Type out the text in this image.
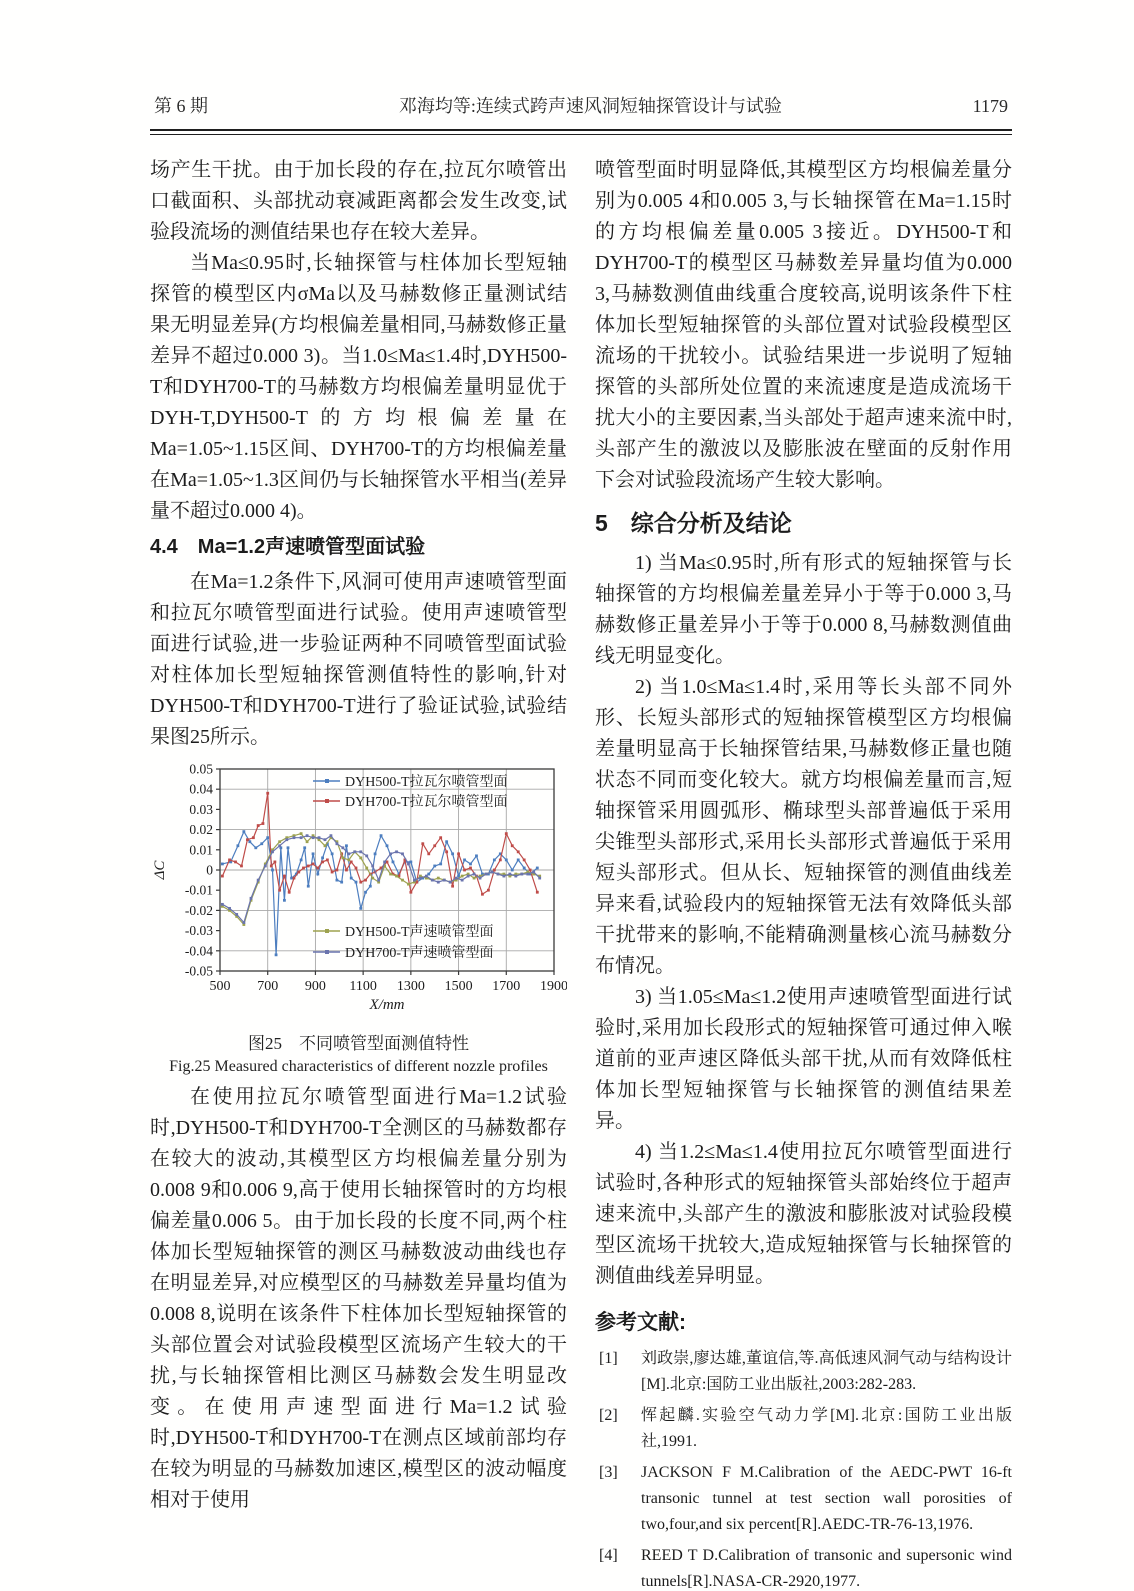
第 6 期	邓海均等:连续式跨声速风洞短轴探管设计与试验	1179

场产生干扰。由于加长段的存在,拉瓦尔喷管出口截面积、头部扰动衰减距离都会发生改变,试验段流场的测值结果也存在较大差异。

当Ma≤0.95时,长轴探管与柱体加长型短轴探管的模型区内σMa以及马赫数修正量测试结果无明显差异(方均根偏差量相同,马赫数修正量差异不超过0.000 3)。当1.0≤Ma≤1.4时,DYH500-T和DYH700-T的马赫数方均根偏差量明显优于DYH-T,DYH500-T的方均根偏差量在Ma=1.05~1.15区间、DYH700-T的方均根偏差量在Ma=1.05~1.3区间仍与长轴探管水平相当(差异量不超过0.000 4)。

4.4　Ma=1.2声速喷管型面试验

在Ma=1.2条件下,风洞可使用声速喷管型面和拉瓦尔喷管型面进行试验。使用声速喷管型面进行试验,进一步验证两种不同喷管型面试验对柱体加长型短轴探管测值特性的影响,针对DYH500-T和DYH700-T进行了验证试验,试验结果图25所示。

0.05
0.04
0.03
0.02
0.01
0
-0.01
-0.02
-0.03
-0.04
-0.05
500 700 900 1100 1300 1500 1700 1900
DYH500-T拉瓦尔喷管型面
DYH700-T拉瓦尔喷管型面
DYH500-T声速喷管型面
DYH700-T声速喷管型面
ΔC
X/mm
图25　不同喷管型面测值特性
Fig.25 Measured characteristics of different nozzle profiles

在使用拉瓦尔喷管型面进行Ma=1.2试验时,DYH500-T和DYH700-T全测区的马赫数都存在较大的波动,其模型区方均根偏差量分别为0.008 9和0.006 9,高于使用长轴探管时的方均根偏差量0.006 5。由于加长段的长度不同,两个柱体加长型短轴探管的测区马赫数波动曲线也存在明显差异,对应模型区的马赫数差异量均值为0.008 8,说明在该条件下柱体加长型短轴探管的头部位置会对试验段模型区流场产生较大的干扰,与长轴探管相比测区马赫数会发生明显改变。在使用声速型面进行Ma=1.2试验时,DYH500-T和DYH700-T在测点区域前部均存在较为明显的马赫数加速区,模型区的波动幅度相对于使用

喷管型面时明显降低,其模型区方均根偏差量分别为0.005 4和0.005 3,与长轴探管在Ma=1.15时的方均根偏差量0.005 3接近。DYH500-T和DYH700-T的模型区马赫数差异量均值为0.000 3,马赫数测值曲线重合度较高,说明该条件下柱体加长型短轴探管的头部位置对试验段模型区流场的干扰较小。试验结果进一步说明了短轴探管的头部所处位置的来流速度是造成流场干扰大小的主要因素,当头部处于超声速来流中时,头部产生的激波以及膨胀波在壁面的反射作用下会对试验段流场产生较大影响。

5　综合分析及结论

1) 当Ma≤0.95时,所有形式的短轴探管与长轴探管的方均根偏差量差异小于等于0.000 3,马赫数修正量差异小于等于0.000 8,马赫数测值曲线无明显变化。

2) 当1.0≤Ma≤1.4时,采用等长头部不同外形、长短头部形式的短轴探管模型区方均根偏差量明显高于长轴探管结果,马赫数修正量也随状态不同而变化较大。就方均根偏差量而言,短轴探管采用圆弧形、椭球型头部普遍低于采用尖锥型头部形式,采用长头部形式普遍低于采用短头部形式。但从长、短轴探管的测值曲线差异来看,试验段内的短轴探管无法有效降低头部干扰带来的影响,不能精确测量核心流马赫数分布情况。

3) 当1.05≤Ma≤1.2使用声速喷管型面进行试验时,采用加长段形式的短轴探管可通过伸入喉道前的亚声速区降低头部干扰,从而有效降低柱体加长型短轴探管与长轴探管的测值结果差异。

4) 当1.2≤Ma≤1.4使用拉瓦尔喷管型面进行试验时,各种形式的短轴探管头部始终位于超声速来流中,头部产生的激波和膨胀波对试验段模型区流场干扰较大,造成短轴探管与长轴探管的测值曲线差异明显。

参考文献:
[1] 刘政崇,廖达雄,董谊信,等.高低速风洞气动与结构设计[M].北京:国防工业出版社,2003:282-283.
[2] 恽起麟.实验空气动力学[M].北京:国防工业出版社,1991.
[3] JACKSON F M.Calibration of the AEDC-PWT 16-ft transonic tunnel at test section wall porosities of two,four,and six percent[R].AEDC-TR-76-13,1976.
[4] REED T D.Calibration of transonic and supersonic wind tunnels[R].NASA-CR-2920,1977.
